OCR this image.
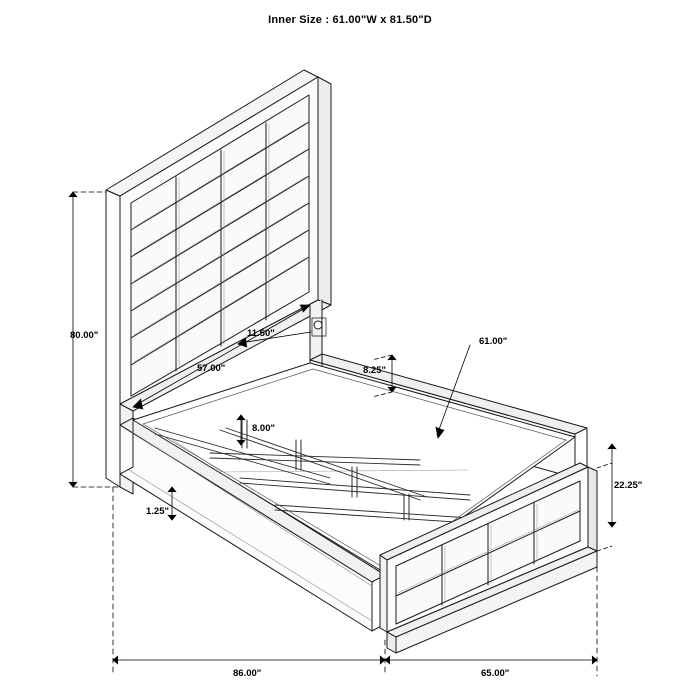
Inner Size : 61.00"W x 81.50"D
80.00"
57.00"
11.50"
8.25"
61.00"
8.00"
22.25"
1.25"
86.00"	65.00"
